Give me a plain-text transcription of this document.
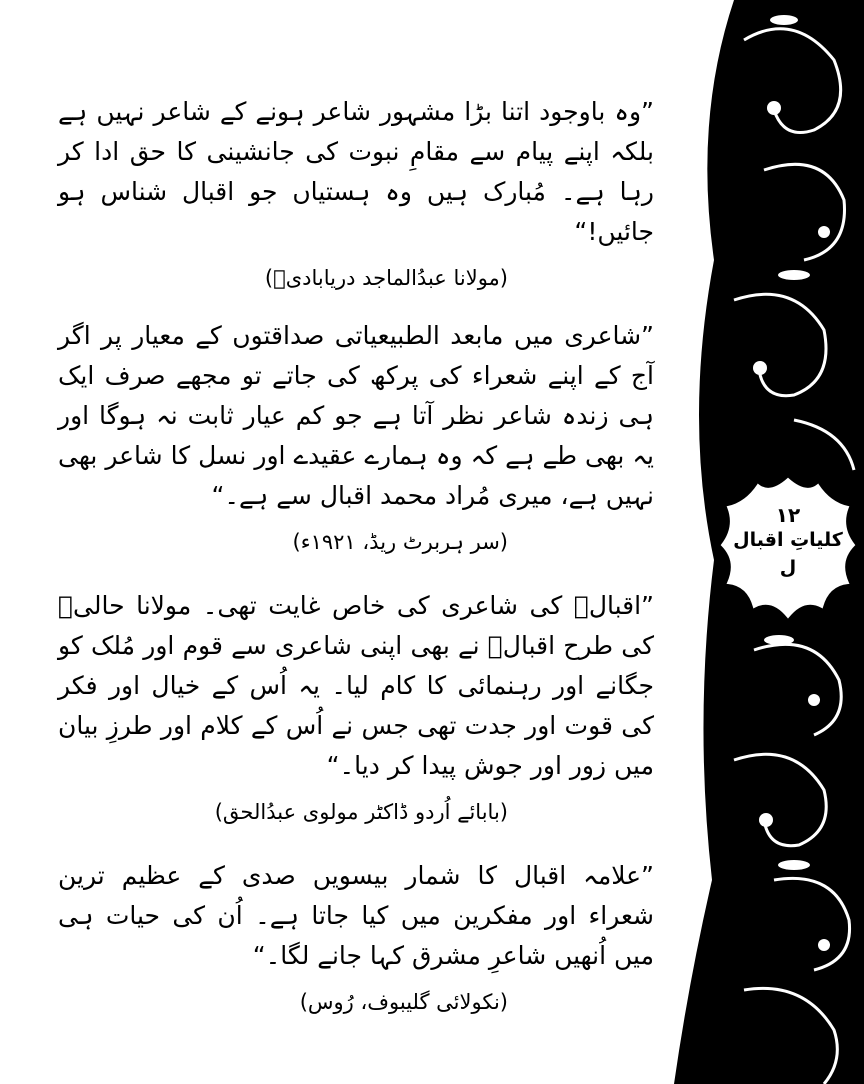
۱۲
کلیاتِ اقبال
ل

”وہ باوجود اتنا بڑا مشہور شاعر ہونے کے شاعر نہیں ہے بلکہ اپنے پیام سے مقامِ نبوت کی جانشینی کا حق ادا کر رہا ہے۔ مُبارک ہیں وہ ہستیاں جو اقبال شناس ہو جائیں!“

(مولانا عبدُالماجد دریابادیؒ)

”شاعری میں مابعد الطبیعیاتی صداقتوں کے معیار پر اگر آج کے اپنے شعراء کی پرکھ کی جاتے تو مجھے صرف ایک ہی زندہ شاعر نظر آتا ہے جو کم عیار ثابت نہ ہوگا اور یہ بھی طے ہے کہ وہ ہمارے عقیدے اور نسل کا شاعر بھی نہیں ہے، میری مُراد محمد اقبال سے ہے۔“

(سر ہربرٹ ریڈ، ۱۹۲۱ء)

”اقبالؒ کی شاعری کی خاص غایت تھی۔ مولانا حالیؒ کی طرح اقبالؒ نے بھی اپنی شاعری سے قوم اور مُلک کو جگانے اور رہنمائی کا کام لیا۔ یہ اُس کے خیال اور فکر کی قوت اور جدت تھی جس نے اُس کے کلام اور طرزِ بیان میں زور اور جوش پیدا کر دیا۔“

(بابائے اُردو ڈاکٹر مولوی عبدُالحق)

”علامہ اقبال کا شمار بیسویں صدی کے عظیم ترین شعراء اور مفکرین میں کیا جاتا ہے۔ اُن کی حیات ہی میں اُنھیں شاعرِ مشرق کہا جانے لگا۔“

(نکولائی گلیبوف، رُوس)
